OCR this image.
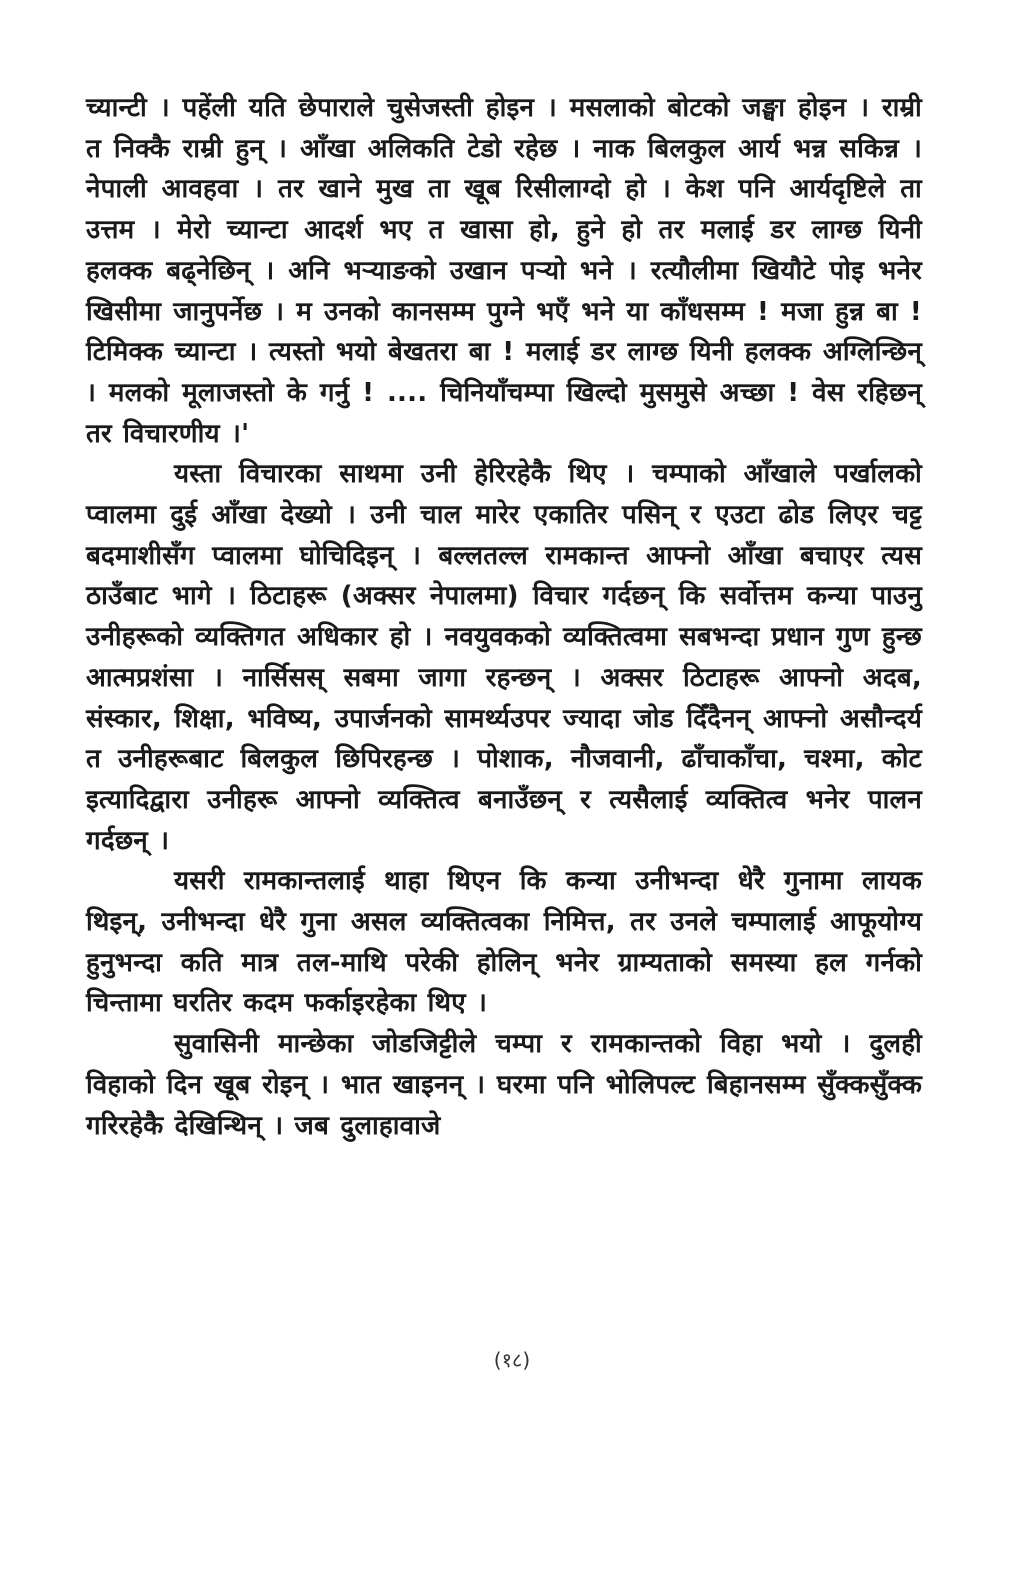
च्यान्टी । पहेंली यति छेपाराले चुसेजस्ती होइन । मसलाको बोटको जङ्घा होइन । राम्री त निक्कै राम्री हुन् । आँखा अलिकति टेडो रहेछ । नाक बिलकुल आर्य भन्न सकिन्न । नेपाली आवहवा । तर खाने मुख ता खूब रिसीलाग्दो हो । केश पनि आर्यदृष्टिले ता उत्तम । मेरो च्यान्टा आदर्श भए त खासा हो, हुने हो तर मलाई डर लाग्छ यिनी हलक्क बढ्नेछिन् । अनि भऱ्याङको उखान पऱ्यो भने । रत्यौलीमा खियौटे पोइ भनेर खिसीमा जानुपर्नेछ । म उनको कानसम्म पुग्ने भएँ भने या काँधसम्म ! मजा हुन्न बा ! टिमिक्क च्यान्टा । त्यस्तो भयो बेखतरा बा ! मलाई डर लाग्छ यिनी हलक्क अग्लिन्छिन् । मलको मूलाजस्तो के गर्नु ! .... चिनियाँचम्पा खिल्दो मुसमुसे अच्छा ! वेस रहिछन् तर विचारणीय ।'

यस्ता विचारका साथमा उनी हेरिरहेकै थिए । चम्पाको आँखाले पर्खालको प्वालमा दुई आँखा देख्यो । उनी चाल मारेर एकातिर पसिन् र एउटा ढोड लिएर चट्ट बदमाशीसँग प्वालमा घोचिदिइन् । बल्लतल्ल रामकान्त आफ्नो आँखा बचाएर त्यस ठाउँबाट भागे । ठिटाहरू (अक्सर नेपालमा) विचार गर्दछन् कि सर्वोत्तम कन्या पाउनु उनीहरूको व्यक्तिगत अधिकार हो । नवयुवकको व्यक्तित्वमा सबभन्दा प्रधान गुण हुन्छ आत्मप्रशंसा । नार्सिसस् सबमा जागा रहन्छन् । अक्सर ठिटाहरू आफ्नो अदब, संस्कार, शिक्षा, भविष्य, उपार्जनको सामर्थ्यउपर ज्यादा जोड दिँदैनन् आफ्नो असौन्दर्य त उनीहरूबाट बिलकुल छिपिरहन्छ । पोशाक, नौजवानी, ढाँचाकाँचा, चश्मा, कोट इत्यादिद्वारा उनीहरू आफ्नो व्यक्तित्व बनाउँछन् र त्यसैलाई व्यक्तित्व भनेर पालन गर्दछन् ।

यसरी रामकान्तलाई थाहा थिएन कि कन्या उनीभन्दा धेरै गुनामा लायक थिइन्, उनीभन्दा धेरै गुना असल व्यक्तित्वका निमित्त, तर उनले चम्पालाई आफूयोग्य हुनुभन्दा कति मात्र तल-माथि परेकी होलिन् भनेर ग्राम्यताको समस्या हल गर्नको चिन्तामा घरतिर कदम फर्काइरहेका थिए ।

सुवासिनी मान्छेका जोडजिट्टीले चम्पा र रामकान्तको विहा भयो । दुलही विहाको दिन खूब रोइन् । भात खाइनन् । घरमा पनि भोलिपल्ट बिहानसम्म सुँक्कसुँक्क गरिरहेकै देखिन्थिन् । जब दुलाहावाजे

(१८)
